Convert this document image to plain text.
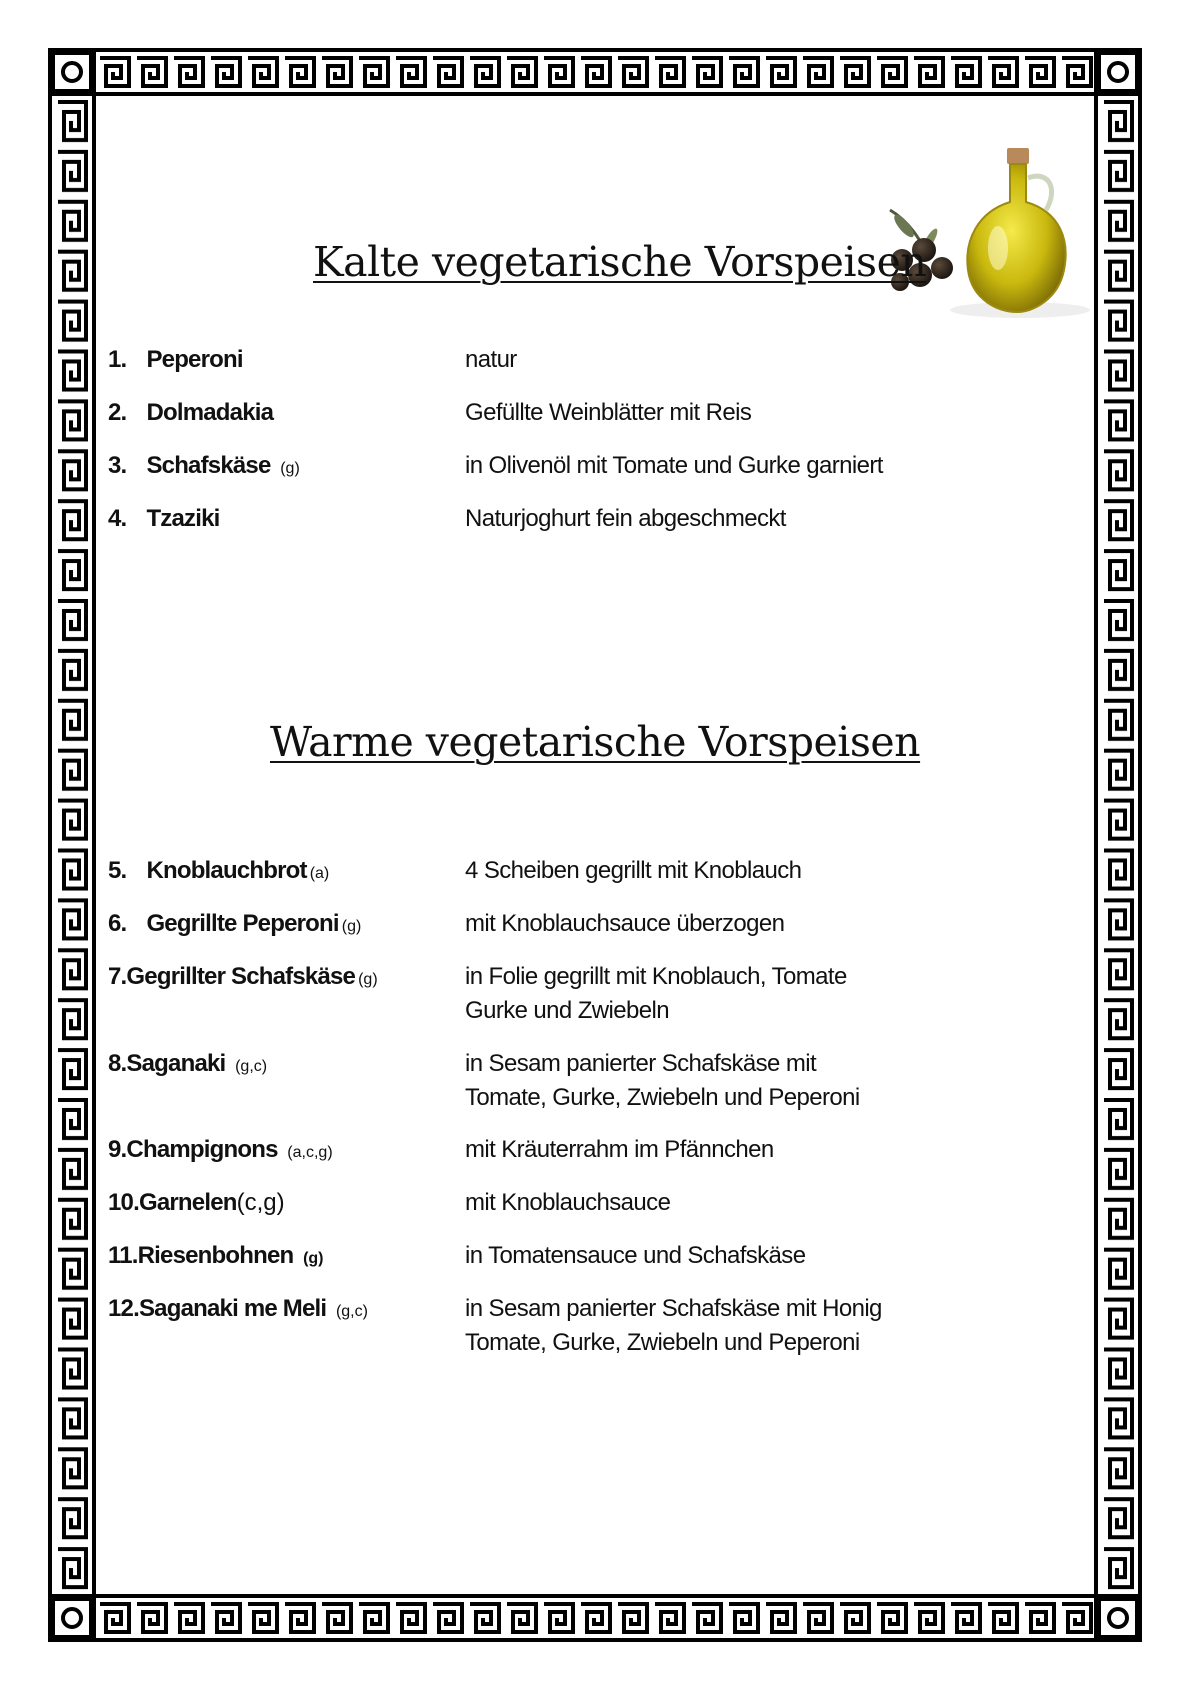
Kalte vegetarische Vorspeisen
Warme vegetarische Vorspeisen
1. Peperoni	natur
2. Dolmadakia	Gefüllte Weinblätter mit Reis
3. Schafskäse (g)	in Olivenöl mit Tomate und Gurke garniert
4. Tzaziki	Naturjoghurt fein abgeschmeckt
5. Knoblauchbrot (a)	4 Scheiben gegrillt mit Knoblauch
6. Gegrillte Peperoni (g)	mit Knoblauchsauce überzogen
7.Gegrillter Schafskäse (g)	in Folie gegrillt mit Knoblauch, Tomate
Gurke und Zwiebeln
8.Saganaki (g,c)	in Sesam panierter Schafskäse mit
Tomate, Gurke, Zwiebeln und Peperoni
9.Champignons (a,c,g)	mit Kräuterrahm im Pfännchen
10.Garnelen(c,g)	mit Knoblauchsauce
11.Riesenbohnen (g)	in Tomatensauce und Schafskäse
12.Saganaki me Meli (g,c)	in Sesam panierter Schafskäse mit Honig
Tomate, Gurke, Zwiebeln und Peperoni
